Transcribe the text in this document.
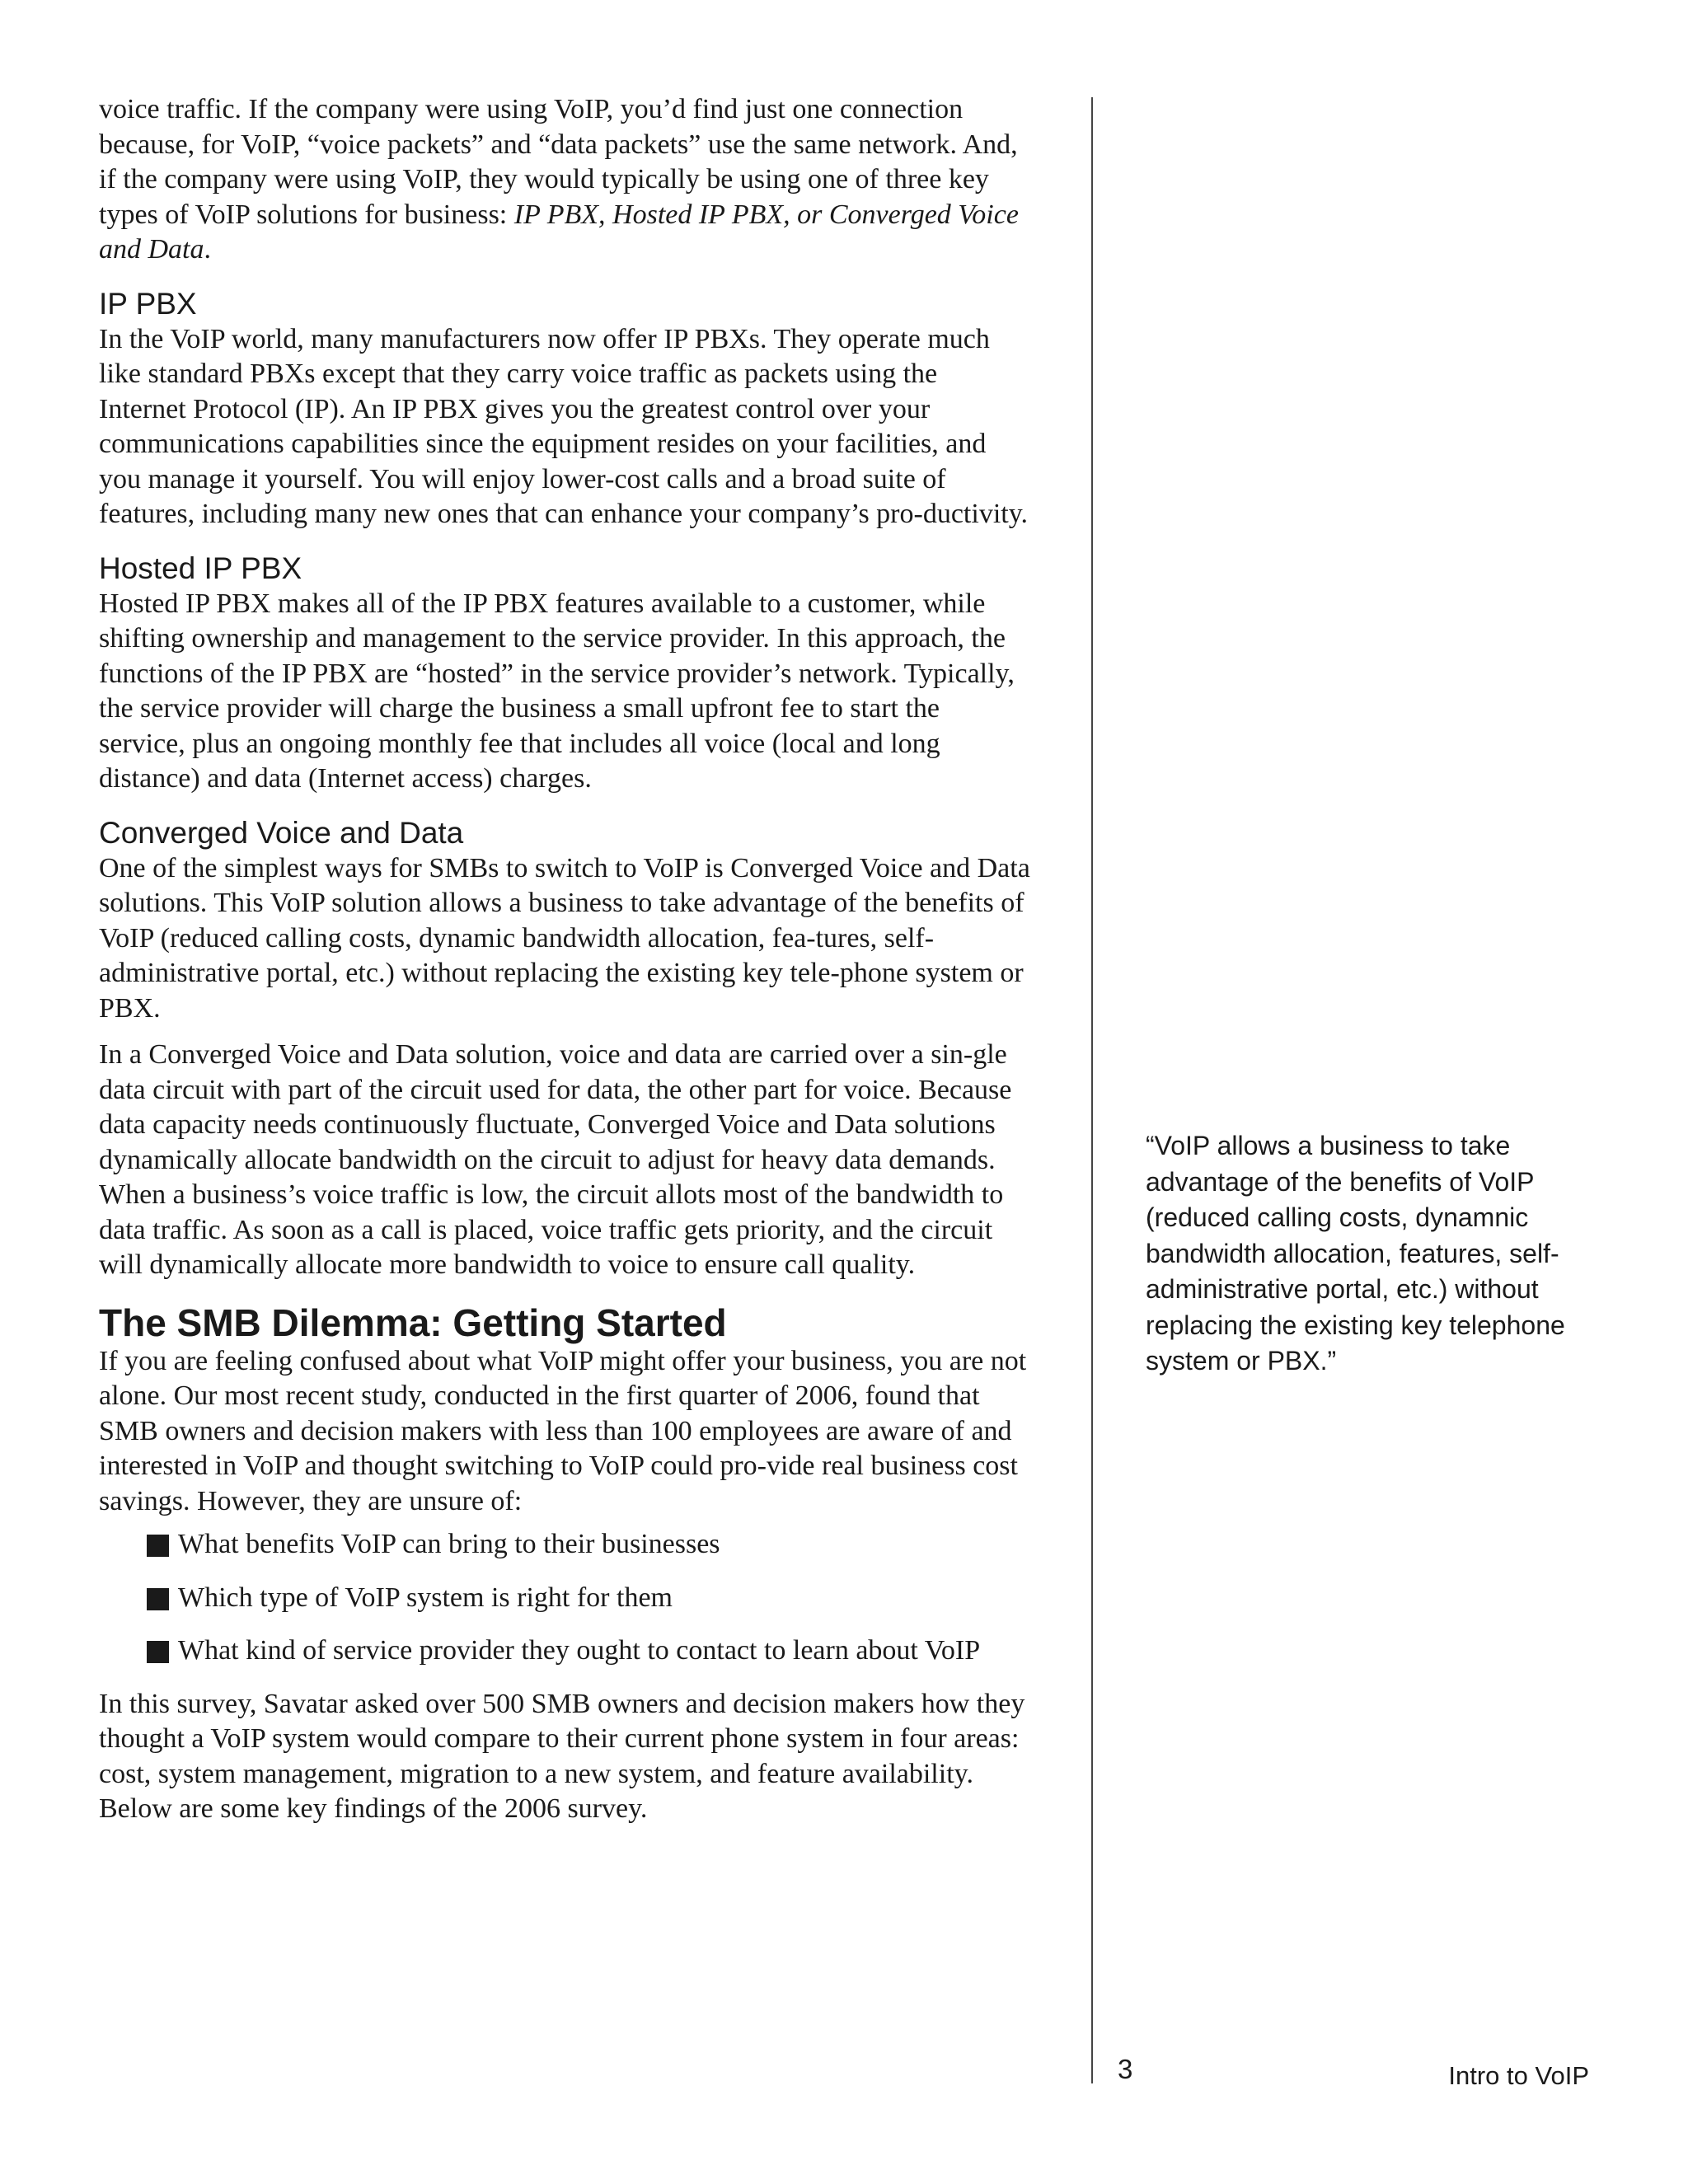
voice traffic. If the company were using VoIP, you’d find just one connection because, for VoIP, “voice packets” and “data packets” use the same network. And, if the company were using VoIP, they would typically be using one of three key types of VoIP solutions for business: IP PBX, Hosted IP PBX, or Converged Voice and Data.

IP PBX

In the VoIP world, many manufacturers now offer IP PBXs. They operate much like standard PBXs except that they carry voice traffic as packets using the Internet Protocol (IP). An IP PBX gives you the greatest control over your communications capabilities since the equipment resides on your facilities, and you manage it yourself. You will enjoy lower-cost calls and a broad suite of features, including many new ones that can enhance your company’s pro-ductivity.

Hosted IP PBX

Hosted IP PBX makes all of the IP PBX features available to a customer, while shifting ownership and management to the service provider. In this approach, the functions of the IP PBX are “hosted” in the service provider’s network. Typically, the service provider will charge the business a small upfront fee to start the service, plus an ongoing monthly fee that includes all voice (local and long distance) and data (Internet access) charges.

Converged Voice and Data

One of the simplest ways for SMBs to switch to VoIP is Converged Voice and Data solutions. This VoIP solution allows a business to take advantage of the benefits of VoIP (reduced calling costs, dynamic bandwidth allocation, fea-tures, self-administrative portal, etc.) without replacing the existing key tele-phone system or PBX.

In a Converged Voice and Data solution, voice and data are carried over a sin-gle data circuit with part of the circuit used for data, the other part for voice. Because data capacity needs continuously fluctuate, Converged Voice and Data solutions dynamically allocate bandwidth on the circuit to adjust for heavy data demands. When a business’s voice traffic is low, the circuit allots most of the bandwidth to data traffic. As soon as a call is placed, voice traffic gets priority, and the circuit will dynamically allocate more bandwidth to voice to ensure call quality.

The SMB Dilemma: Getting Started

If you are feeling confused about what VoIP might offer your business, you are not alone. Our most recent study, conducted in the first quarter of 2006, found that SMB owners and decision makers with less than 100 employees are aware of and interested in VoIP and thought switching to VoIP could pro-vide real business cost savings. However, they are unsure of:

What benefits VoIP can bring to their businesses
Which type of VoIP system is right for them
What kind of service provider they ought to contact to learn about VoIP

In this survey, Savatar asked over 500 SMB owners and decision makers how they thought a VoIP system would compare to their current phone system in four areas: cost, system management, migration to a new system, and feature availability. Below are some key findings of the 2006 survey.

“VoIP allows a business to take advantage of the benefits of VoIP (reduced calling costs, dynamnic bandwidth allocation, features, self-administrative portal, etc.) without replacing the existing key telephone system or PBX.”
3	Intro to VoIP
